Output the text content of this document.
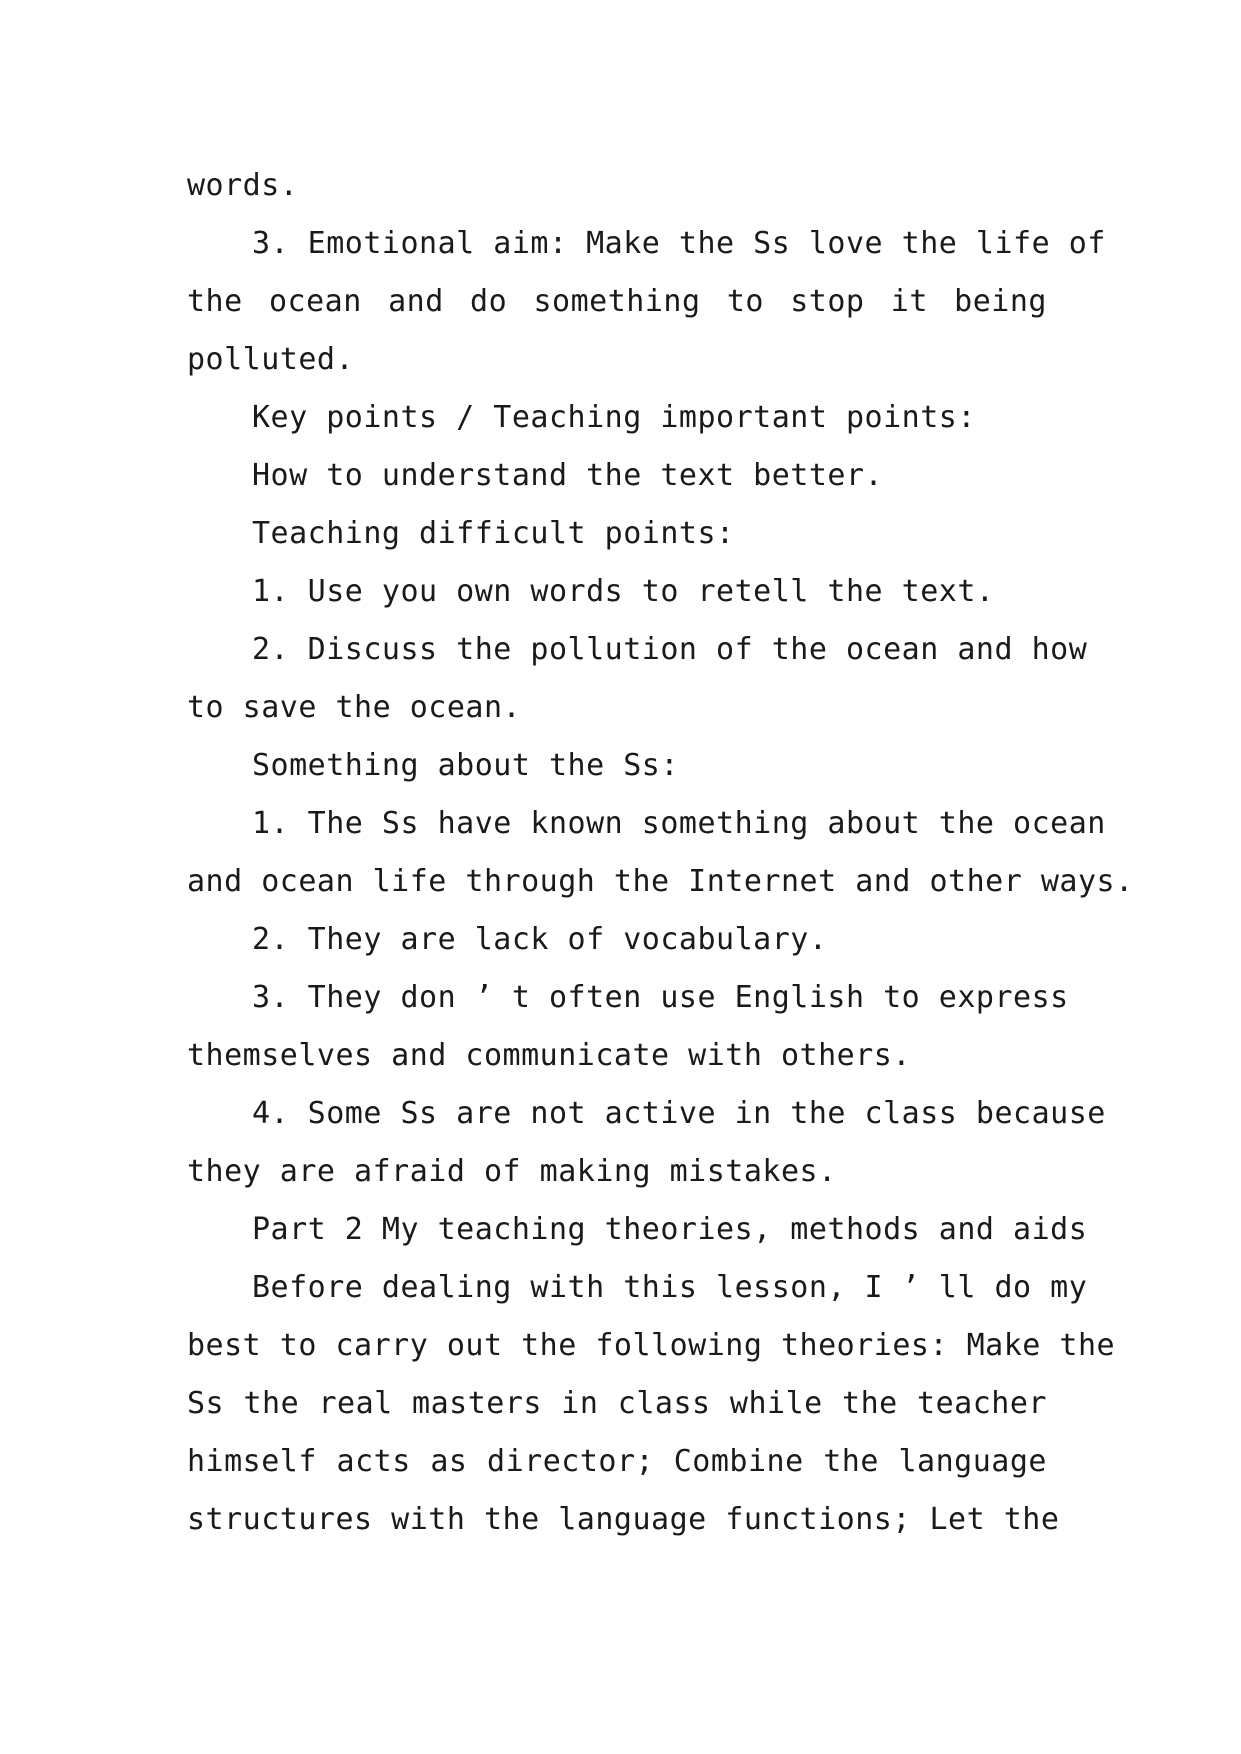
words.

3. Emotional aim: Make the Ss love the life of

the ocean and do something to stop it being

polluted.

Key points / Teaching important points:

How to understand the text better.

Teaching difficult points:

1. Use you own words to retell the text.

2. Discuss the pollution of the ocean and how

to save the ocean.

Something about the Ss:

1. The Ss have known something about the ocean

and ocean life through the Internet and other ways.

2. They are lack of vocabulary.

3. They don ’ t often use English to express

themselves and communicate with others.

4. Some Ss are not active in the class because

they are afraid of making mistakes.

Part 2 My teaching theories, methods and aids

Before dealing with this lesson, I ’ ll do my

best to carry out the following theories: Make the

Ss the real masters in class while the teacher

himself acts as director; Combine the language

structures with the language functions; Let the
